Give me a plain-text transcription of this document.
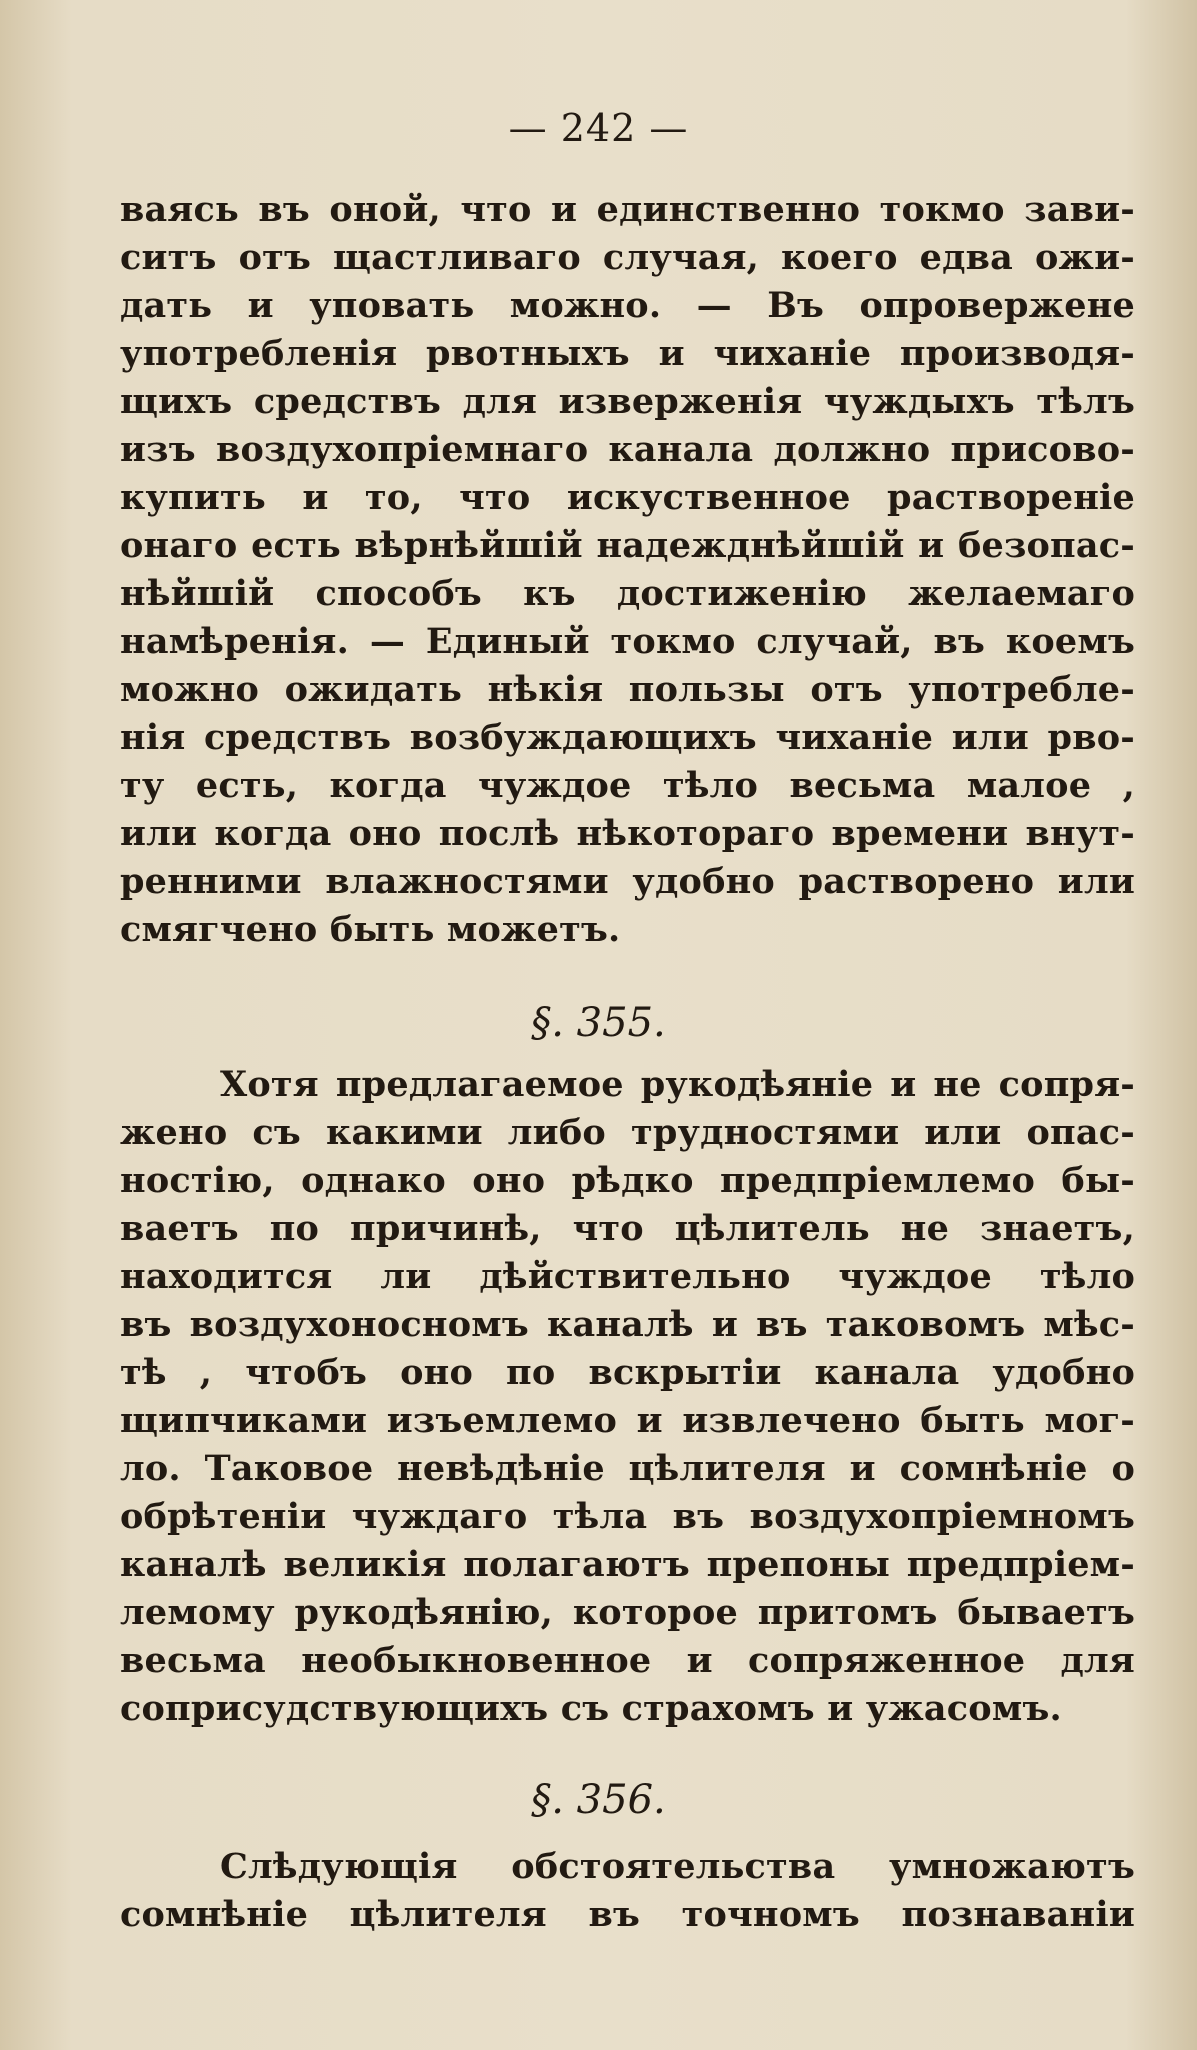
— 242 —
ваясь въ оной, что и единственно токмо зави-
ситъ отъ щастливаго случая, коего едва ожи-
дать и уповать можно. — Въ опровержене
употребленія рвотныхъ и чиханіе производя-
щихъ средствъ для изверженія чуждыхъ тѣлъ
изъ воздухопріемнаго канала должно присово-
купить и то, что искуственное раствореніе
онаго есть вѣрнѣйшій надежднѣйшій и безопас-
нѣйшій способъ къ достиженію желаемаго
намѣренія. — Единый токмо случай, въ коемъ
можно ожидать нѣкія пользы отъ употребле-
нія средствъ возбуждающихъ чиханіе или рво-
ту есть, когда чуждое тѣло весьма малое ,
или когда оно послѣ нѣкотораго времени внут-
ренними влажностями удобно растворено или
смягчено быть можетъ.
§. 355.
Хотя предлагаемое рукодѣяніе и не сопря-
жено съ какими либо трудностями или опас-
ностію, однако оно рѣдко предпріемлемо бы-
ваетъ по причинѣ, что цѣлитель не знаетъ,
находится ли дѣйствительно чуждое тѣло
въ воздухоносномъ каналѣ и въ таковомъ мѣс-
тѣ , чтобъ оно по вскрытіи канала удобно
щипчиками изъемлемо и извлечено быть мог-
ло. Таковое невѣдѣніе цѣлителя и сомнѣніе о
обрѣтеніи чуждаго тѣла въ воздухопріемномъ
каналѣ великія полагаютъ препоны предпріем-
лемому рукодѣянію, которое притомъ бываетъ
весьма необыкновенное и сопряженное для
соприсудствующихъ съ страхомъ и ужасомъ.
§. 356.
Слѣдующія обстоятельства умножаютъ
сомнѣніе цѣлителя въ точномъ познаваніи
